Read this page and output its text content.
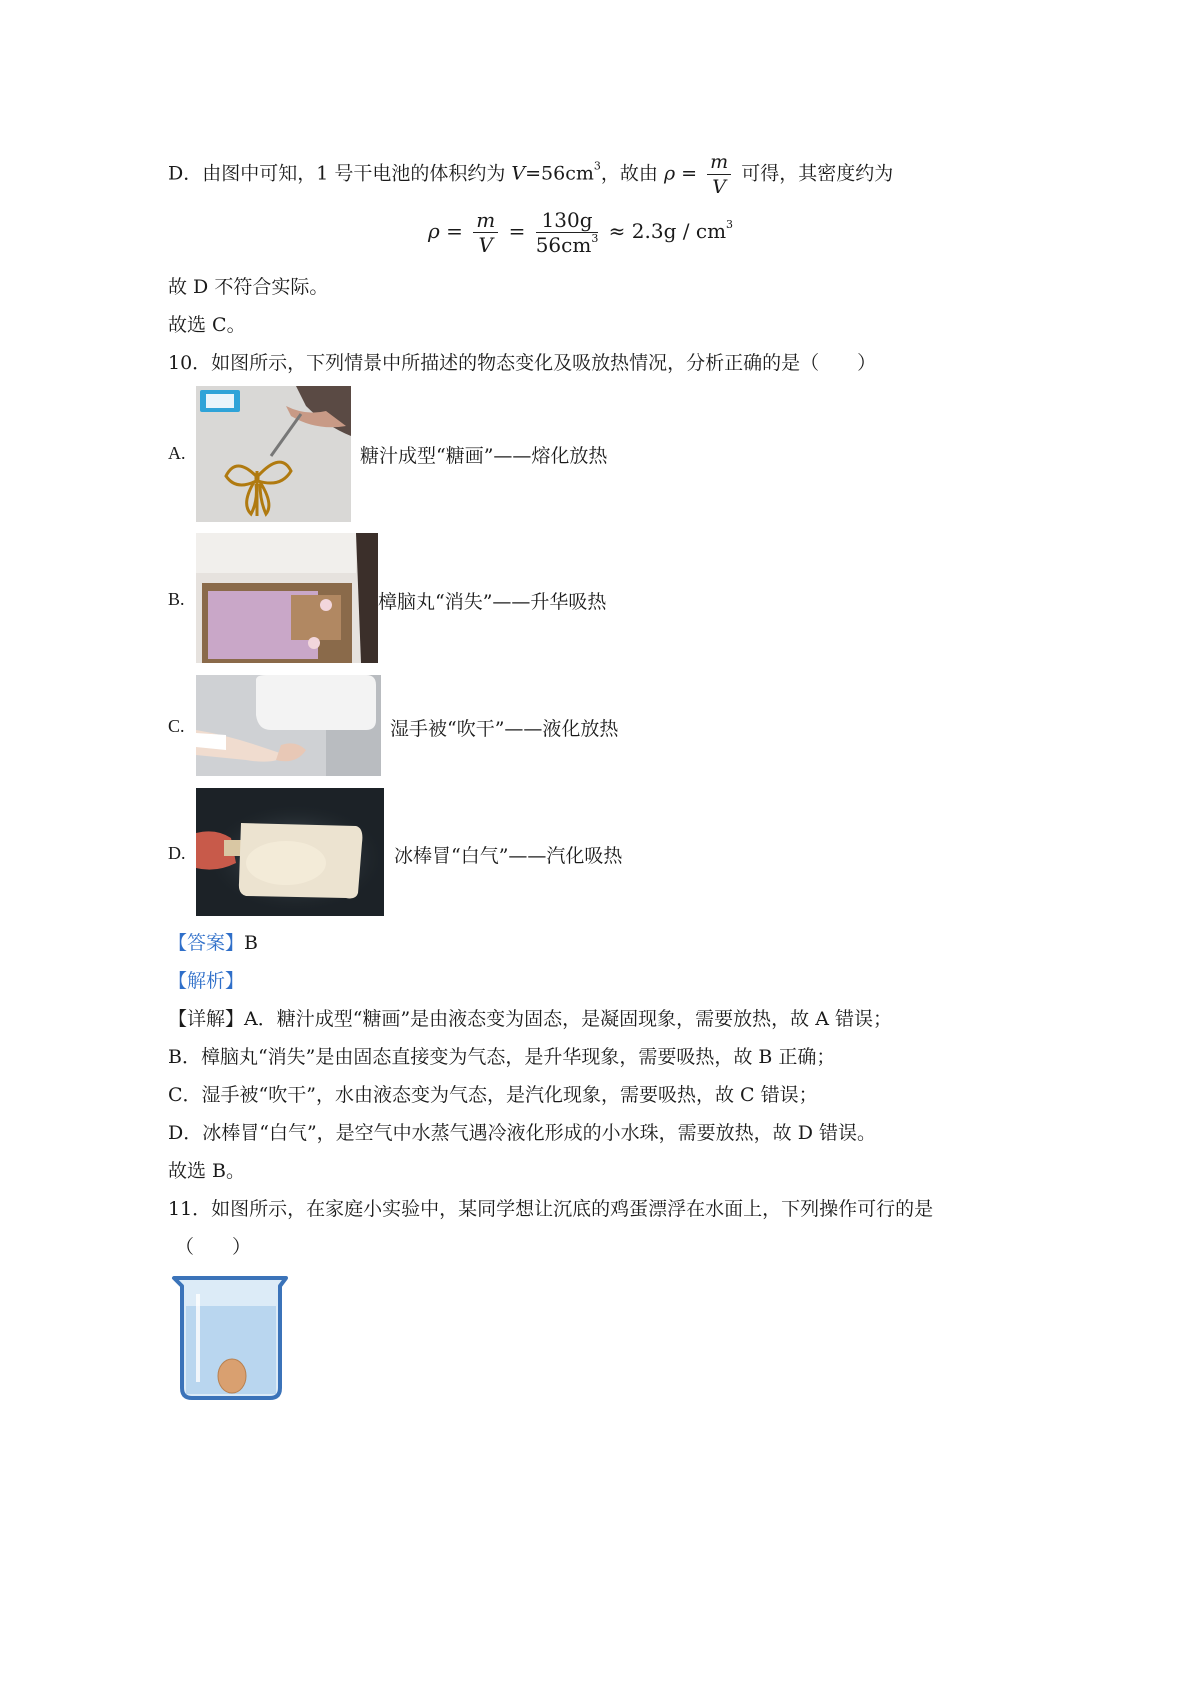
D．由图中可知，1 号干电池的体积约为 $V=56cm^3$，故由 $\rho = \frac{m}{V}$ 可得，其密度约为
$\rho = \frac{m}{V} = \frac{130g}{56cm^3} \approx 2.3g / cm^3$
故 D 不符合实际。
故选 C。
10．如图所示，下列情景中所描述的物态变化及吸放热情况，分析正确的是（　　）
A.	糖汁成型“糖画”——熔化放热
B.	樟脑丸“消失”——升华吸热
C.	湿手被“吹干”——液化放热
D.	冰棒冒“白气”——汽化吸热
【答案】B
【解析】
【详解】A．糖汁成型“糖画”是由液态变为固态，是凝固现象，需要放热，故 A 错误；
B．樟脑丸“消失”是由固态直接变为气态，是升华现象，需要吸热，故 B 正确；
C．湿手被“吹干”，水由液态变为气态，是汽化现象，需要吸热，故 C 错误；
D．冰棒冒“白气”，是空气中水蒸气遇冷液化形成的小水珠，需要放热，故 D 错误。
故选 B。
11．如图所示，在家庭小实验中，某同学想让沉底的鸡蛋漂浮在水面上，下列操作可行的是
（　　）
